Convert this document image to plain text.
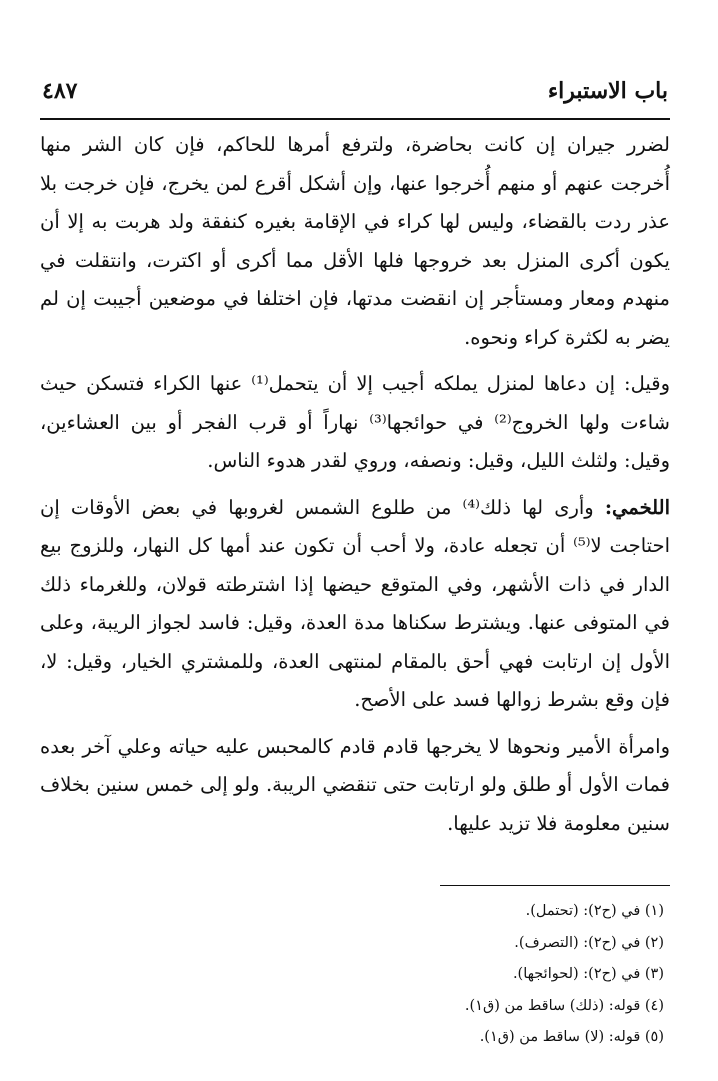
باب الاستبراء
٤٨٧

لضرر جيران إن كانت بحاضرة، ولترفع أمرها للحاكم، فإن كان الشر منها أُخرجت عنهم أو منهم أُخرجوا عنها، وإن أشكل أقرع لمن يخرج، فإن خرجت بلا عذر ردت بالقضاء، وليس لها كراء في الإقامة بغيره كنفقة ولد هربت به إلا أن يكون أكرى المنزل بعد خروجها فلها الأقل مما أكرى أو اكترت، وانتقلت في منهدم ومعار ومستأجر إن انقضت مدتها، فإن اختلفا في موضعين أجيبت إن لم يضر به لكثرة كراء ونحوه.

وقيل: إن دعاها لمنزل يملكه أجيب إلا أن يتحمل⁽¹⁾ عنها الكراء فتسكن حيث شاءت ولها الخروج⁽²⁾ في حوائجها⁽³⁾ نهاراً أو قرب الفجر أو بين العشاءين، وقيل: ولثلث الليل، وقيل: ونصفه، وروي لقدر هدوء الناس.

اللخمي: وأرى لها ذلك⁽⁴⁾ من طلوع الشمس لغروبها في بعض الأوقات إن احتاجت لا⁽⁵⁾ أن تجعله عادة، ولا أحب أن تكون عند أمها كل النهار، وللزوج بيع الدار في ذات الأشهر، وفي المتوقع حيضها إذا اشترطته قولان، وللغرماء ذلك في المتوفى عنها. ويشترط سكناها مدة العدة، وقيل: فاسد لجواز الريبة، وعلى الأول إن ارتابت فهي أحق بالمقام لمنتهى العدة، وللمشتري الخيار، وقيل: لا، فإن وقع بشرط زوالها فسد على الأصح.

وامرأة الأمير ونحوها لا يخرجها قادم قادم كالمحبس عليه حياته وعلي آخر بعده فمات الأول أو طلق ولو ارتابت حتى تنقضي الريبة. ولو إلى خمس سنين بخلاف سنين معلومة فلا تزيد عليها.

(١) في (ح٢): (تحتمل).
(٢) في (ح٢): (التصرف).
(٣) في (ح٢): (لحوائجها).
(٤) قوله: (ذلك) ساقط من (ق١).
(٥) قوله: (لا) ساقط من (ق١).
